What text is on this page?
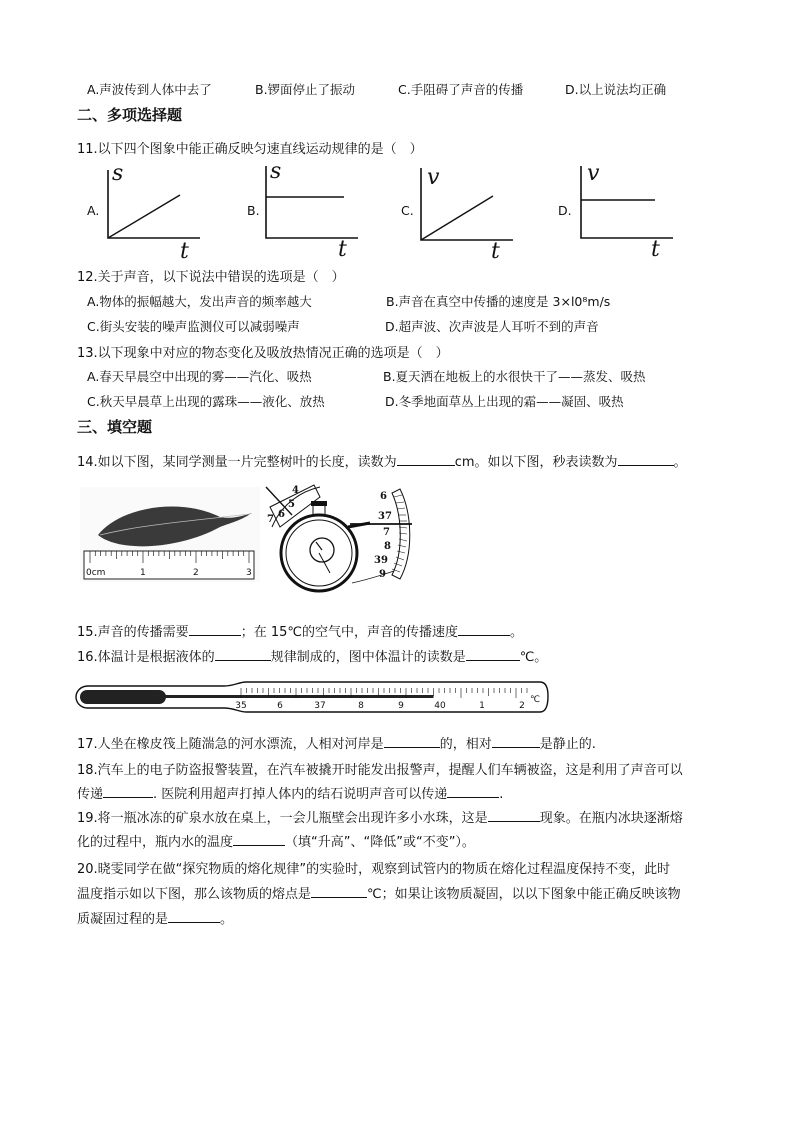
A.声波传到人体中去了	B.锣面停止了振动	C.手阻碍了声音的传播	D.以上说法均正确
二、多项选择题
11.以下四个图象中能正确反映匀速直线运动规律的是（　）
A.
s
t
B.
s
t
C.
v
t
D.
v
t
12.关于声音，以下说法中错误的选项是（　）
A.物体的振幅越大，发出声音的频率越大	B.声音在真空中传播的速度是 3×l0⁸m/s
C.街头安装的噪声监测仪可以减弱噪声	D.超声波、次声波是人耳听不到的声音
13.以下现象中对应的物态变化及吸放热情况正确的选项是（　）
A.春天早晨空中出现的雾——汽化、吸热	B.夏天洒在地板上的水很快干了——蒸发、吸热
C.秋天早晨草上出现的露珠——液化、放热	D.冬季地面草丛上出现的霜——凝固、吸热
三、填空题
14.如以下图，某同学测量一片完整树叶的长度，读数为	cm。如以下图，秒表读数为	。
0cm	1	2	3
4
5
6
7
6
37
7
8
39
9
15.声音的传播需要	；在 15℃的空气中，声音的传播速度	。
16.体温计是根据液体的	规律制成的，图中体温计的读数是	℃。
35	6	37	8	9	40	1	2
℃
17.人坐在橡皮筏上随湍急的河水漂流，人相对河岸是	的，相对	是静止的.
18.汽车上的电子防盗报警装置，在汽车被撬开时能发出报警声，提醒人们车辆被盗，这是利用了声音可以
传递	. 医院利用超声打掉人体内的结石说明声音可以传递	.
19.将一瓶冰冻的矿泉水放在桌上，一会儿瓶壁会出现许多小水珠，这是	现象。在瓶内冰块逐渐熔
化的过程中，瓶内水的温度	（填“升高”、“降低”或“不变”）。
20.晓雯同学在做“探究物质的熔化规律”的实验时，观察到试管内的物质在熔化过程温度保持不变，此时
温度指示如以下图，那么该物质的熔点是	℃；如果让该物质凝固，以以下图象中能正确反映该物
质凝固过程的是	。
